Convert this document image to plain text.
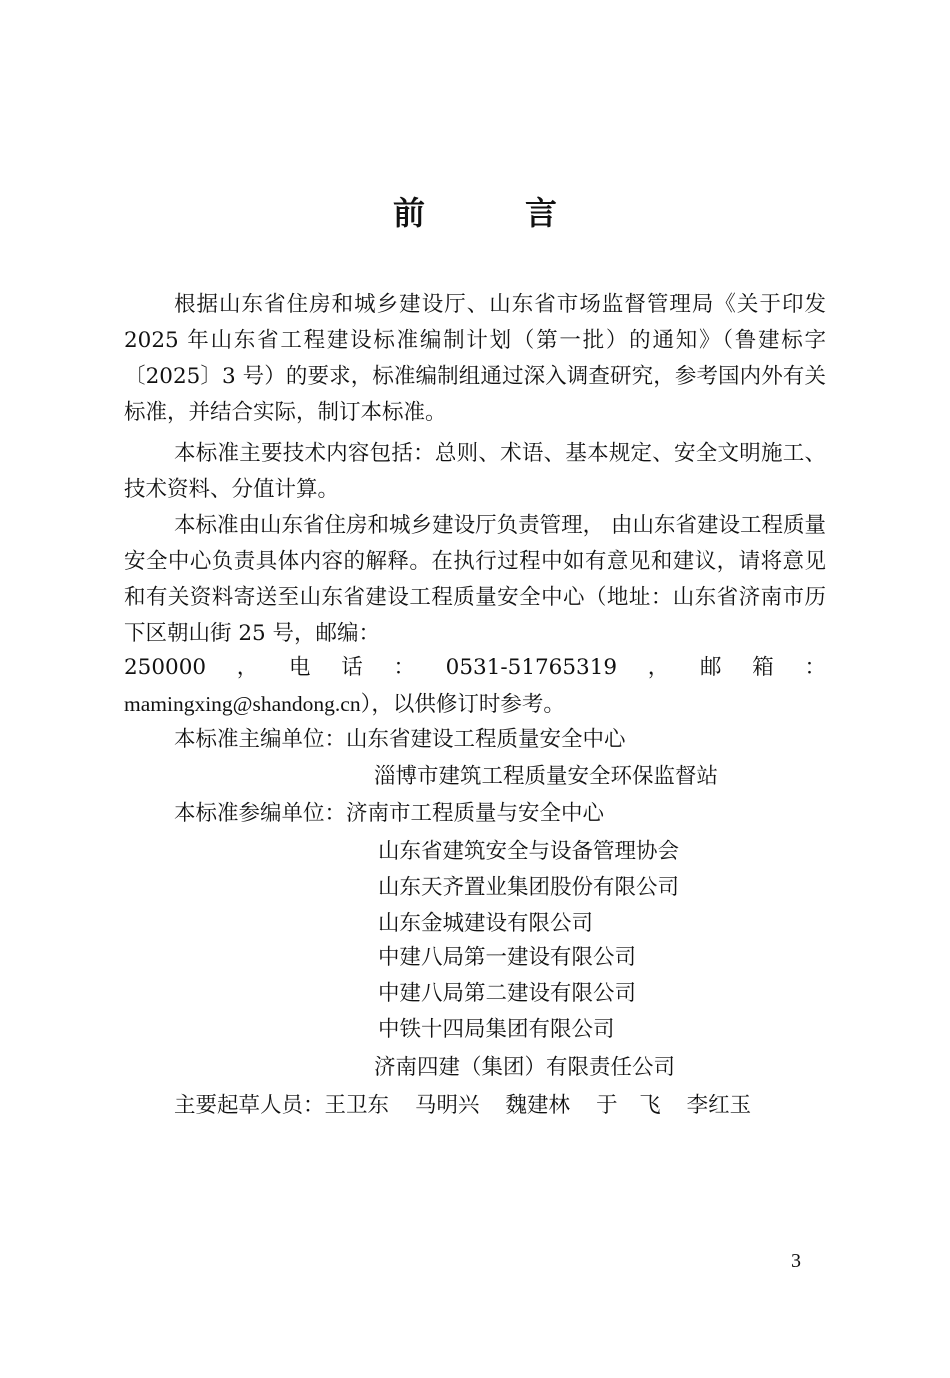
前　言
根据山东省住房和城乡建设厅、山东省市场监督管理局《关于印发 2025 年山东省工程建设标准编制计划（第一批）的通知》（鲁建标字〔2025〕3 号）的要求，标准编制组通过深入调查研究，参考国内外有关标准，并结合实际，制订本标准。
本标准主要技术内容包括：总则、术语、基本规定、安全文明施工、技术资料、分值计算。
本标准由山东省住房和城乡建设厅负责管理， 由山东省建设工程质量安全中心负责具体内容的解释。在执行过程中如有意见和建议，请将意见和有关资料寄送至山东省建设工程质量安全中心（地址：山东省济南市历下区朝山街 25 号，邮编：
250000 ， 电 话 ： 0531-51765319 ， 邮 箱 ：
mamingxing@shandong.cn），以供修订时参考。
本标准主编单位：山东省建设工程质量安全中心
淄博市建筑工程质量安全环保监督站
本标准参编单位：济南市工程质量与安全中心
山东省建筑安全与设备管理协会
山东天齐置业集团股份有限公司
山东金城建设有限公司
中建八局第一建设有限公司
中建八局第二建设有限公司
中铁十四局集团有限公司
济南四建（集团）有限责任公司
主要起草人员：王卫东 马明兴 魏建林 于　飞 李红玉
3
